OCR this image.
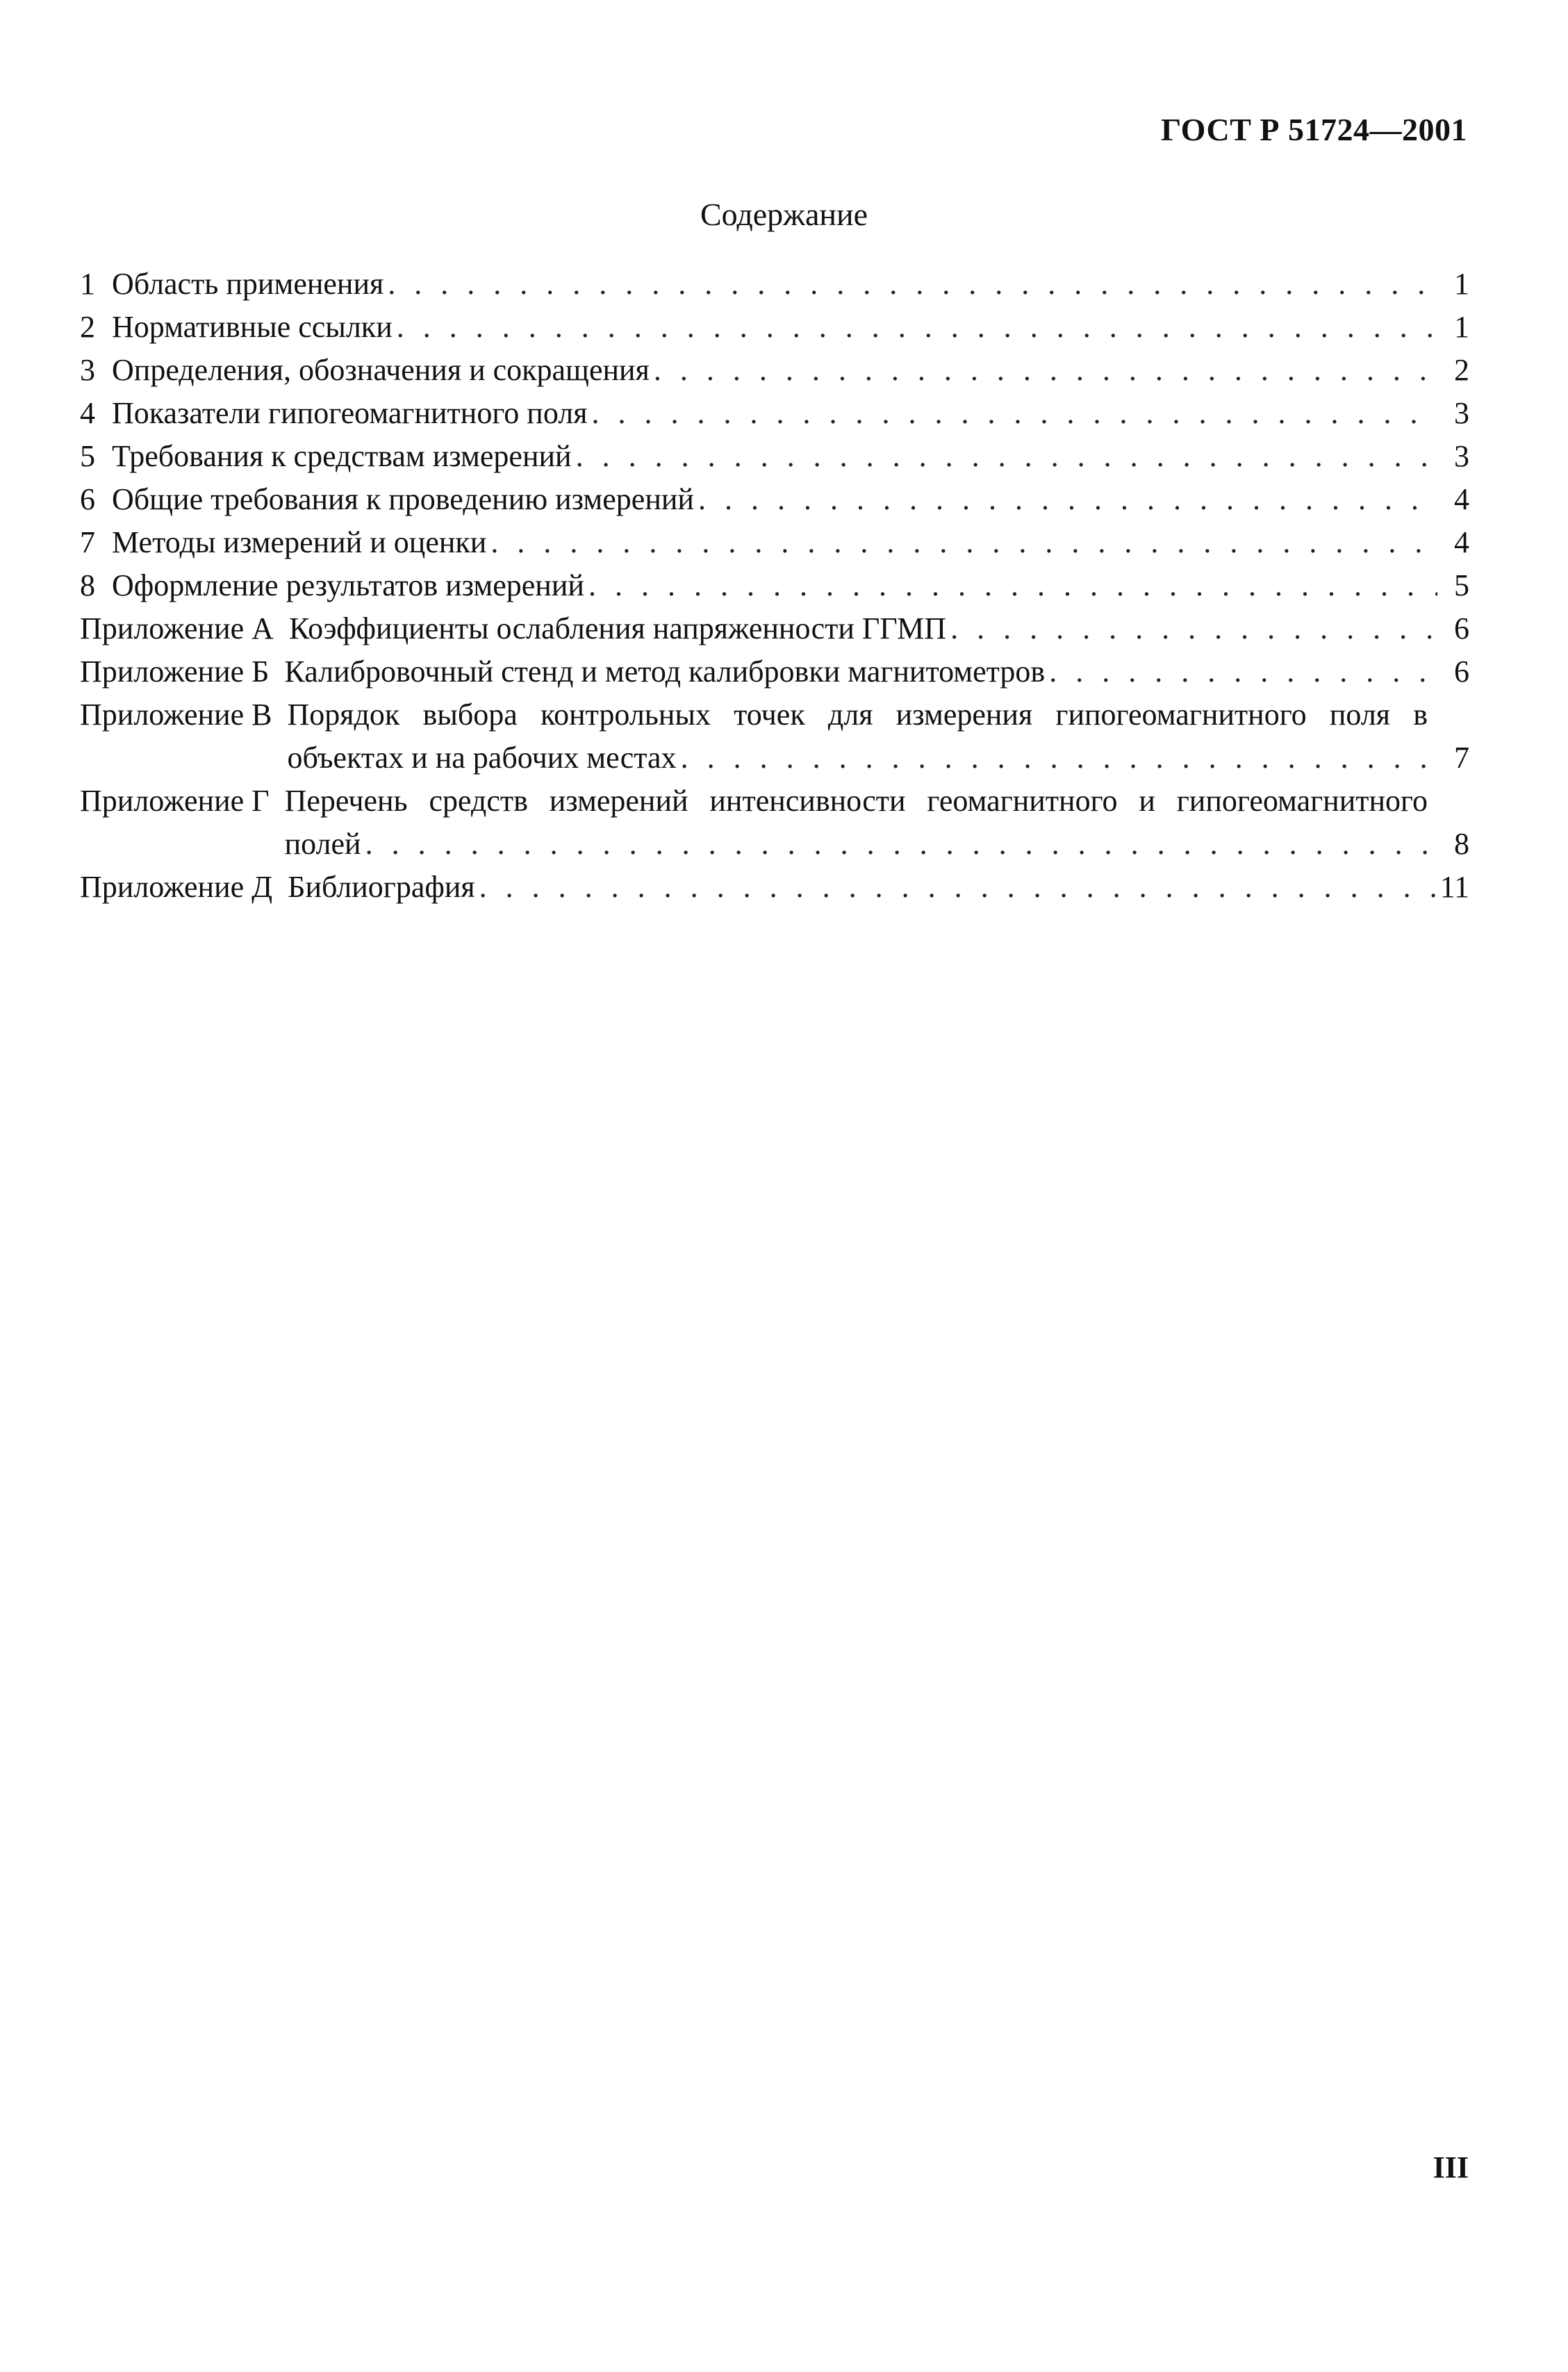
ГОСТ Р 51724—2001
Содержание
1 Область применения . . .	1
2 Нормативные ссылки . . .	1
3 Определения, обозначения и сокращения . . .	2
4 Показатели гипогеомагнитного поля . . .	3
5 Требования к средствам измерений . . .	3
6 Общие требования к проведению измерений . . .	4
7 Методы измерений и оценки . . .	4
8 Оформление результатов измерений . . .	5
Приложение А Коэффициенты ослабления напряженности ГГМП . . .	6
Приложение Б Калибровочный стенд и метод калибровки магнитометров . . .	6
Приложение В Порядок выбора контрольных точек для измерения гипогеомагнитного поля в
объектах и на рабочих местах . . .	7
Приложение Г Перечень средств измерений интенсивности геомагнитного и гипогеомагнитного
полей . . .	8
Приложение Д Библиография . . .	11
III
